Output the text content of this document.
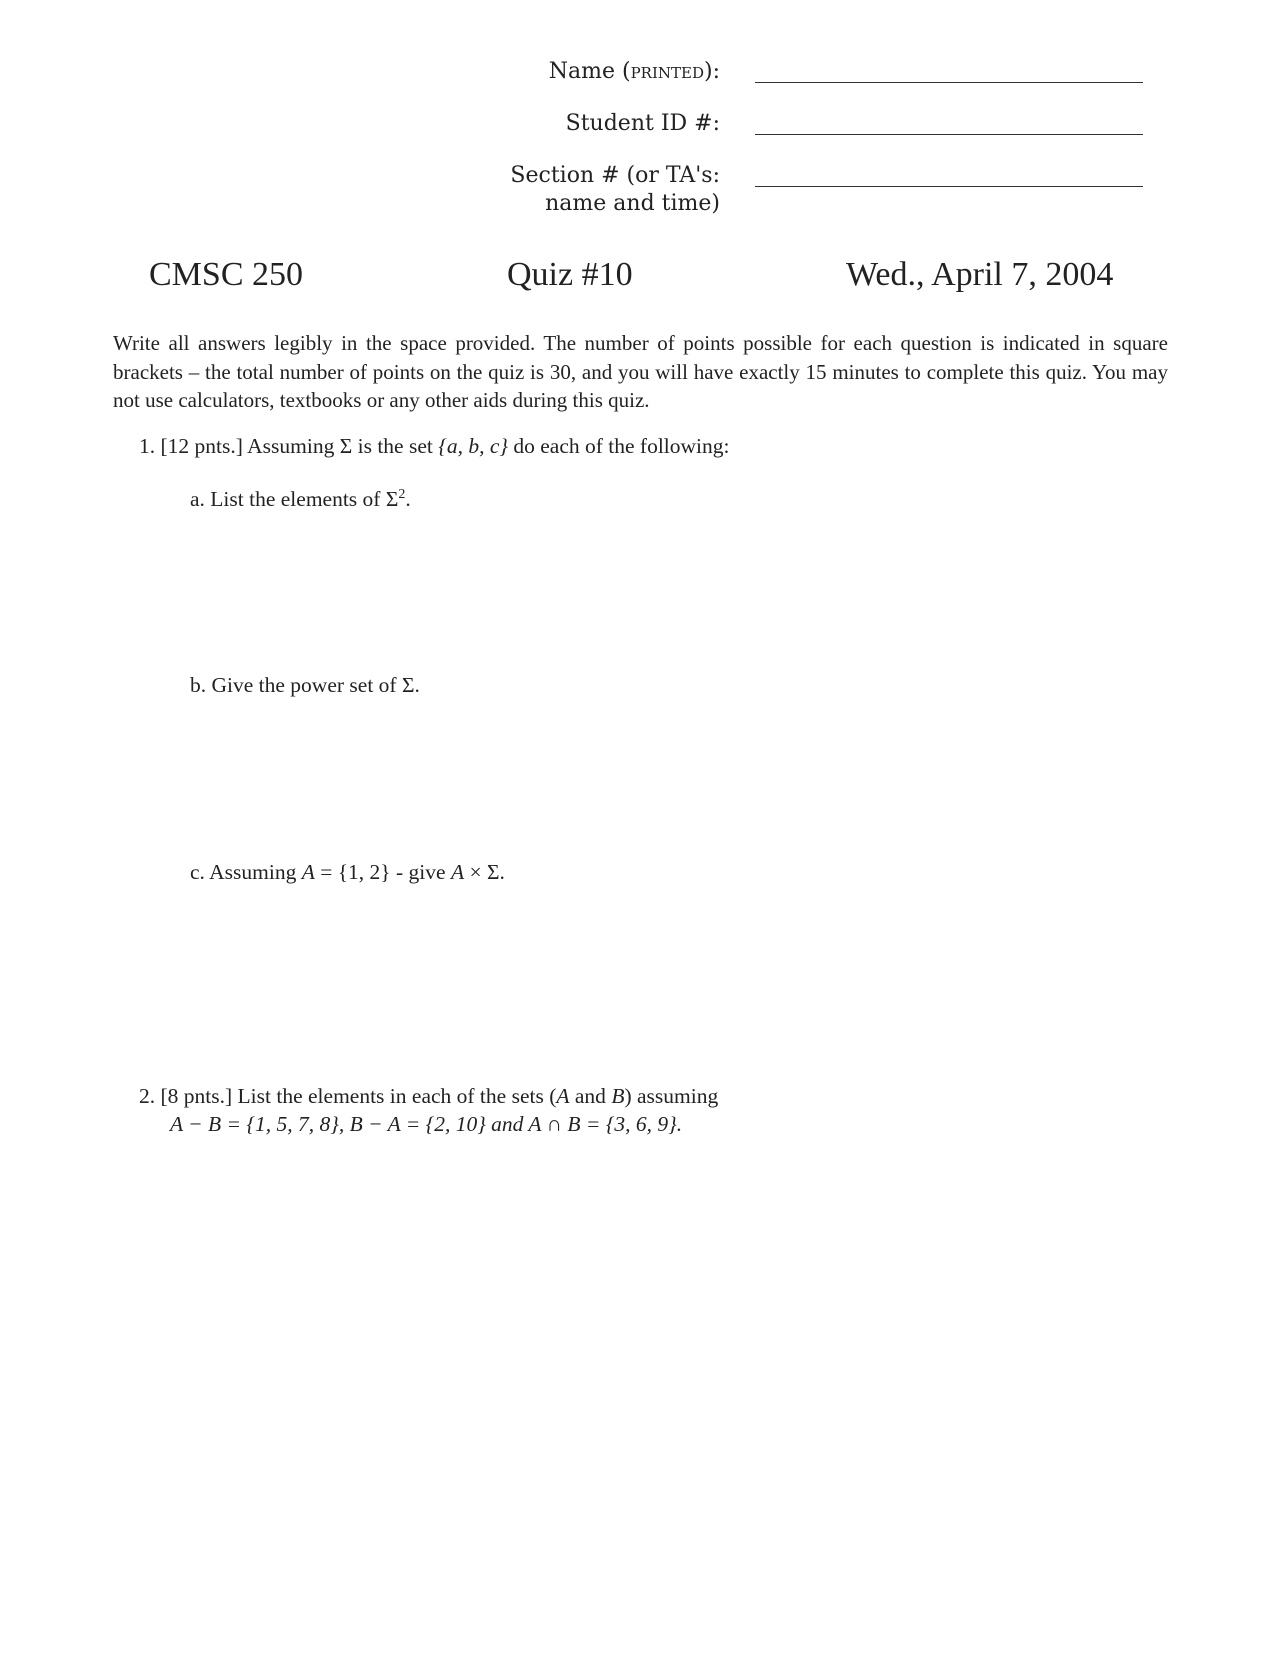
Name (printed):
Student ID #:
Section # (or TA's:
name and time)
CMSC 250	Quiz #10	Wed., April 7, 2004
Write all answers legibly in the space provided. The number of points possible for each question is indicated in square brackets – the total number of points on the quiz is 30, and you will have exactly 15 minutes to complete this quiz. You may not use calculators, textbooks or any other aids during this quiz.
1. [12 pnts.] Assuming Σ is the set {a, b, c} do each of the following:
a. List the elements of $\Sigma^2$.
b. Give the power set of Σ.
c. Assuming A = {1, 2} - give A × Σ.
2. [8 pnts.] List the elements in each of the sets (A and B) assuming
A − B = {1, 5, 7, 8}, B − A = {2, 10} and A ∩ B = {3, 6, 9}.
